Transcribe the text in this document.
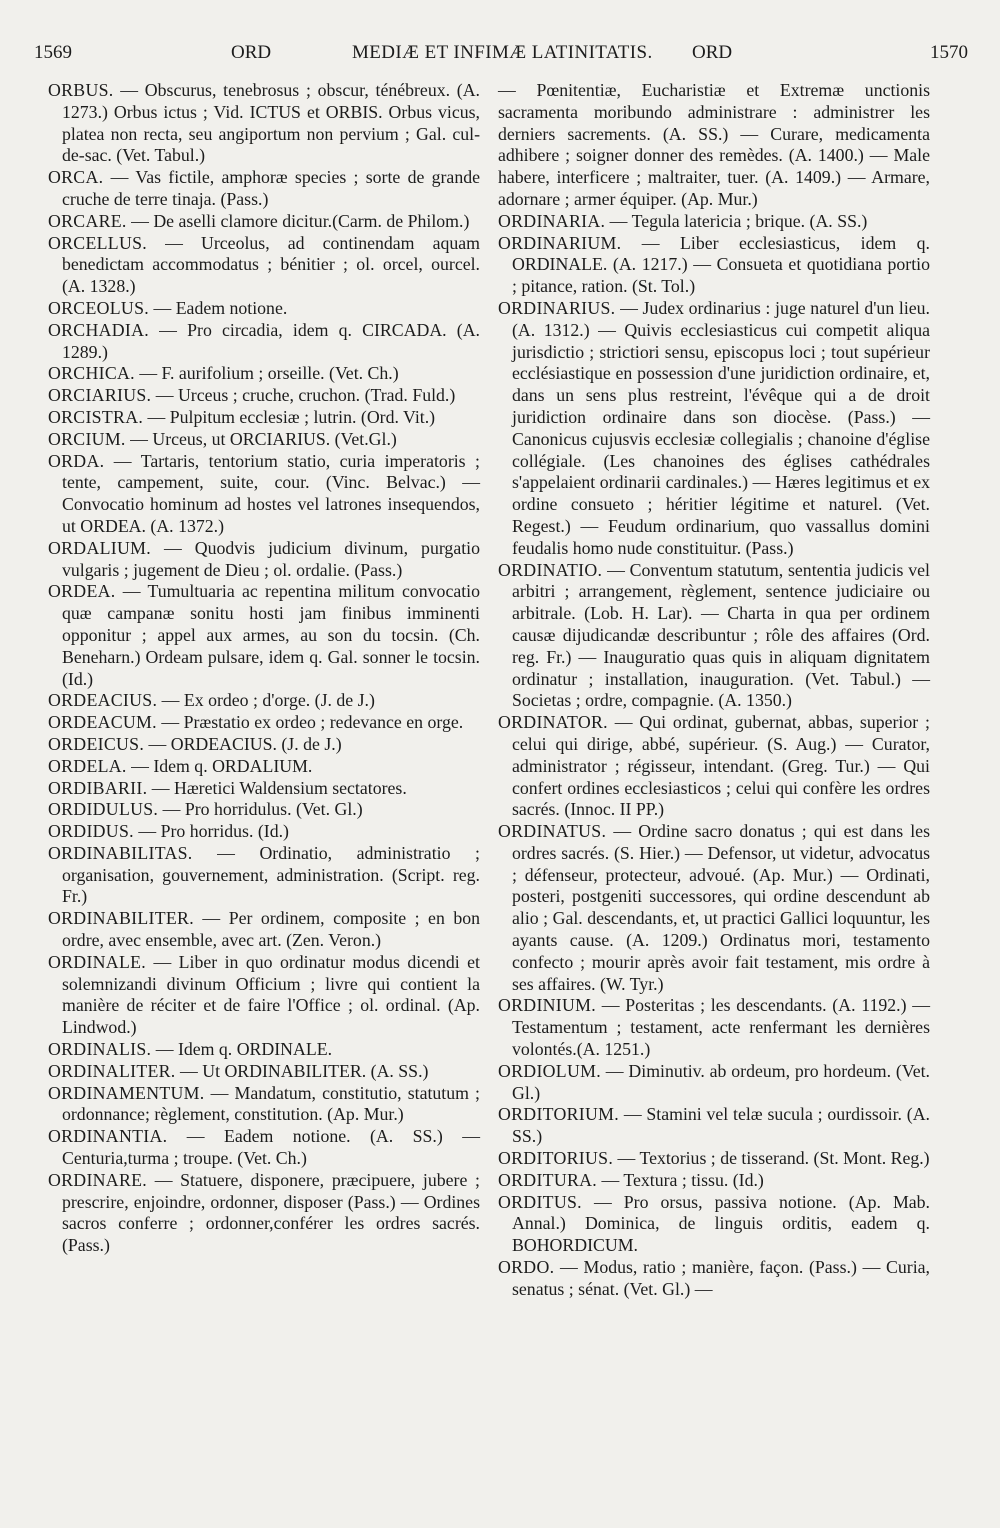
1569	ORD	MEDIÆ ET INFIMÆ LATINITATIS. ORD	1570

ORBUS. — Obscurus, tenebrosus ; obscur, ténébreux. (A. 1273.) Orbus ictus ; Vid. ICTUS et ORBIS. Orbus vicus, platea non recta, seu angiportum non pervium ; Gal. cul-de-sac. (Vet. Tabul.)

ORCA. — Vas fictile, amphoræ species ; sorte de grande cruche de terre tinaja. (Pass.)

ORCARE. — De aselli clamore dicitur.(Carm. de Philom.)

ORCELLUS. — Urceolus, ad continendam aquam benedictam accommodatus ; bénitier ; ol. orcel, ourcel. (A. 1328.)

ORCEOLUS. — Eadem notione.

ORCHADIA. — Pro circadia, idem q. CIRCADA. (A. 1289.)

ORCHICA. — F. aurifolium ; orseille. (Vet. Ch.)

ORCIARIUS. — Urceus ; cruche, cruchon. (Trad. Fuld.)

ORCISTRA. — Pulpitum ecclesiæ ; lutrin. (Ord. Vit.)

ORCIUM. — Urceus, ut ORCIARIUS. (Vet.Gl.)

ORDA. — Tartaris, tentorium statio, curia imperatoris ; tente, campement, suite, cour. (Vinc. Belvac.) — Convocatio hominum ad hostes vel latrones insequendos, ut ORDEA. (A. 1372.)

ORDALIUM. — Quodvis judicium divinum, purgatio vulgaris ; jugement de Dieu ; ol. ordalie. (Pass.)

ORDEA. — Tumultuaria ac repentina militum convocatio quæ campanæ sonitu hosti jam finibus imminenti opponitur ; appel aux armes, au son du tocsin. (Ch. Beneharn.) Ordeam pulsare, idem q. Gal. sonner le tocsin. (Id.)

ORDEACIUS. — Ex ordeo ; d'orge. (J. de J.)

ORDEACUM. — Præstatio ex ordeo ; redevance en orge.

ORDEICUS. — ORDEACIUS. (J. de J.)

ORDELA. — Idem q. ORDALIUM.

ORDIBARII. — Hæretici Waldensium sectatores.

ORDIDULUS. — Pro horridulus. (Vet. Gl.)

ORDIDUS. — Pro horridus. (Id.)

ORDINABILITAS. — Ordinatio, administratio ; organisation, gouvernement, administration. (Script. reg. Fr.)

ORDINABILITER. — Per ordinem, composite ; en bon ordre, avec ensemble, avec art. (Zen. Veron.)

ORDINALE. — Liber in quo ordinatur modus dicendi et solemnizandi divinum Officium ; livre qui contient la manière de réciter et de faire l'Office ; ol. ordinal. (Ap. Lindwod.)

ORDINALIS. — Idem q. ORDINALE.

ORDINALITER. — Ut ORDINABILITER. (A. SS.)

ORDINAMENTUM. — Mandatum, constitutio, statutum ; ordonnance; règlement, constitution. (Ap. Mur.)

ORDINANTIA. — Eadem notione. (A. SS.) — Centuria,turma ; troupe. (Vet. Ch.)

ORDINARE. — Statuere, disponere, præcipuere, jubere ; prescrire, enjoindre, ordonner, disposer (Pass.) — Ordines sacros conferre ; ordonner,conférer les ordres sacrés. (Pass.)

— Pœnitentiæ, Eucharistiæ et Extremæ unctionis sacramenta moribundo administrare : administrer les derniers sacrements. (A. SS.) — Curare, medicamenta adhibere ; soigner donner des remèdes. (A. 1400.) — Male habere, interficere ; maltraiter, tuer. (A. 1409.) — Armare, adornare ; armer équiper. (Ap. Mur.)

ORDINARIA. — Tegula latericia ; brique. (A. SS.)

ORDINARIUM. — Liber ecclesiasticus, idem q. ORDINALE. (A. 1217.) — Consueta et quotidiana portio ; pitance, ration. (St. Tol.)

ORDINARIUS. — Judex ordinarius : juge naturel d'un lieu. (A. 1312.) — Quivis ecclesiasticus cui competit aliqua jurisdictio ; strictiori sensu, episcopus loci ; tout supérieur ecclésiastique en possession d'une juridiction ordinaire, et, dans un sens plus restreint, l'évêque qui a de droit juridiction ordinaire dans son diocèse. (Pass.) — Canonicus cujusvis ecclesiæ collegialis ; chanoine d'église collégiale. (Les chanoines des églises cathédrales s'appelaient ordinarii cardinales.) — Hæres legitimus et ex ordine consueto ; héritier légitime et naturel. (Vet. Regest.) — Feudum ordinarium, quo vassallus domini feudalis homo nude constituitur. (Pass.)

ORDINATIO. — Conventum statutum, sententia judicis vel arbitri ; arrangement, règlement, sentence judiciaire ou arbitrale. (Lob. H. Lar). — Charta in qua per ordinem causæ dijudicandæ describuntur ; rôle des affaires (Ord. reg. Fr.) — Inauguratio quas quis in aliquam dignitatem ordinatur ; installation, inauguration. (Vet. Tabul.) — Societas ; ordre, compagnie. (A. 1350.)

ORDINATOR. — Qui ordinat, gubernat, abbas, superior ; celui qui dirige, abbé, supérieur. (S. Aug.) — Curator, administrator ; régisseur, intendant. (Greg. Tur.) — Qui confert ordines ecclesiasticos ; celui qui confère les ordres sacrés. (Innoc. II PP.)

ORDINATUS. — Ordine sacro donatus ; qui est dans les ordres sacrés. (S. Hier.) — Defensor, ut videtur, advocatus ; défenseur, protecteur, advoué. (Ap. Mur.) — Ordinati, posteri, postgeniti successores, qui ordine descendunt ab alio ; Gal. descendants, et, ut practici Gallici loquuntur, les ayants cause. (A. 1209.) Ordinatus mori, testamento confecto ; mourir après avoir fait testament, mis ordre à ses affaires. (W. Tyr.)

ORDINIUM. — Posteritas ; les descendants. (A. 1192.) — Testamentum ; testament, acte renfermant les dernières volontés.(A. 1251.)

ORDIOLUM. — Diminutiv. ab ordeum, pro hordeum. (Vet. Gl.)

ORDITORIUM. — Stamini vel telæ sucula ; ourdissoir. (A. SS.)

ORDITORIUS. — Textorius ; de tisserand. (St. Mont. Reg.)

ORDITURA. — Textura ; tissu. (Id.)

ORDITUS. — Pro orsus, passiva notione. (Ap. Mab. Annal.) Dominica, de linguis orditis, eadem q. BOHORDICUM.

ORDO. — Modus, ratio ; manière, façon. (Pass.) — Curia, senatus ; sénat. (Vet. Gl.) —
